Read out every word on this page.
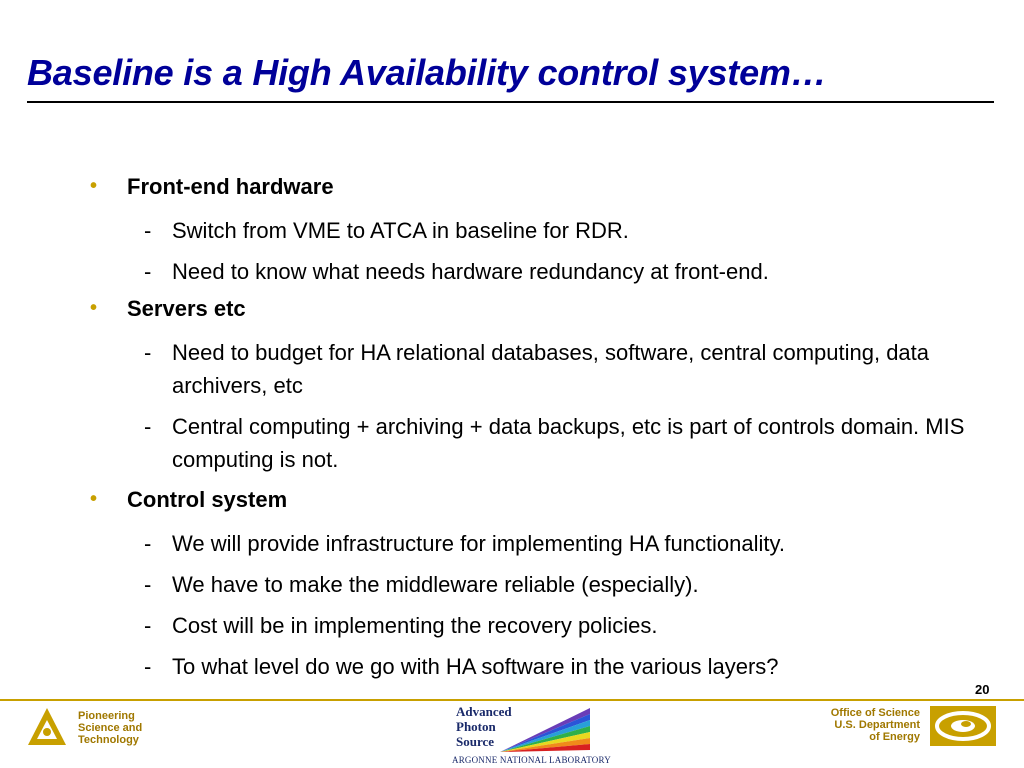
Baseline is a High Availability control system…
• Front-end hardware
- Switch from VME to ATCA in baseline for RDR.
- Need to know what needs hardware redundancy at front-end.
• Servers etc
- Need to budget for HA relational databases, software, central computing, data archivers, etc
- Central computing + archiving + data backups, etc is part of controls domain. MIS computing is not.
• Control system
- We will provide infrastructure for implementing HA functionality.
- We have to make the middleware reliable (especially).
- Cost will be in implementing the recovery policies.
- To what level do we go with HA software in the various layers?
20
Pioneering
Science and
Technology
Advanced
Photon
Source
ARGONNE NATIONAL LABORATORY
Office of Science
U.S. Department
of Energy
